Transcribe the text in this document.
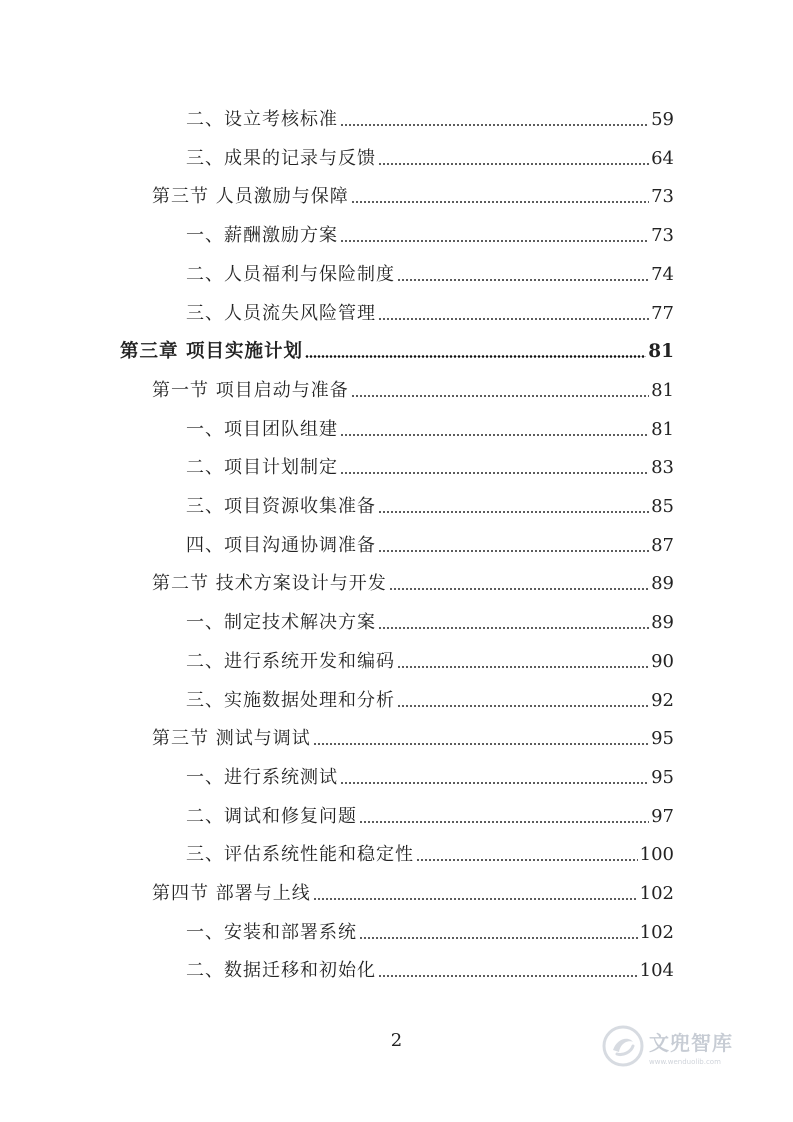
二、设立考核标准	59
三、成果的记录与反馈	64
第三节 人员激励与保障	73
一、薪酬激励方案	73
二、人员福利与保险制度	74
三、人员流失风险管理	77
第三章 项目实施计划	81
第一节 项目启动与准备	81
一、项目团队组建	81
二、项目计划制定	83
三、项目资源收集准备	85
四、项目沟通协调准备	87
第二节 技术方案设计与开发	89
一、制定技术解决方案	89
二、进行系统开发和编码	90
三、实施数据处理和分析	92
第三节 测试与调试	95
一、进行系统测试	95
二、调试和修复问题	97
三、评估系统性能和稳定性	100
第四节 部署与上线	102
一、安装和部署系统	102
二、数据迁移和初始化	104
2	文兜智库
www.wenduolib.com
